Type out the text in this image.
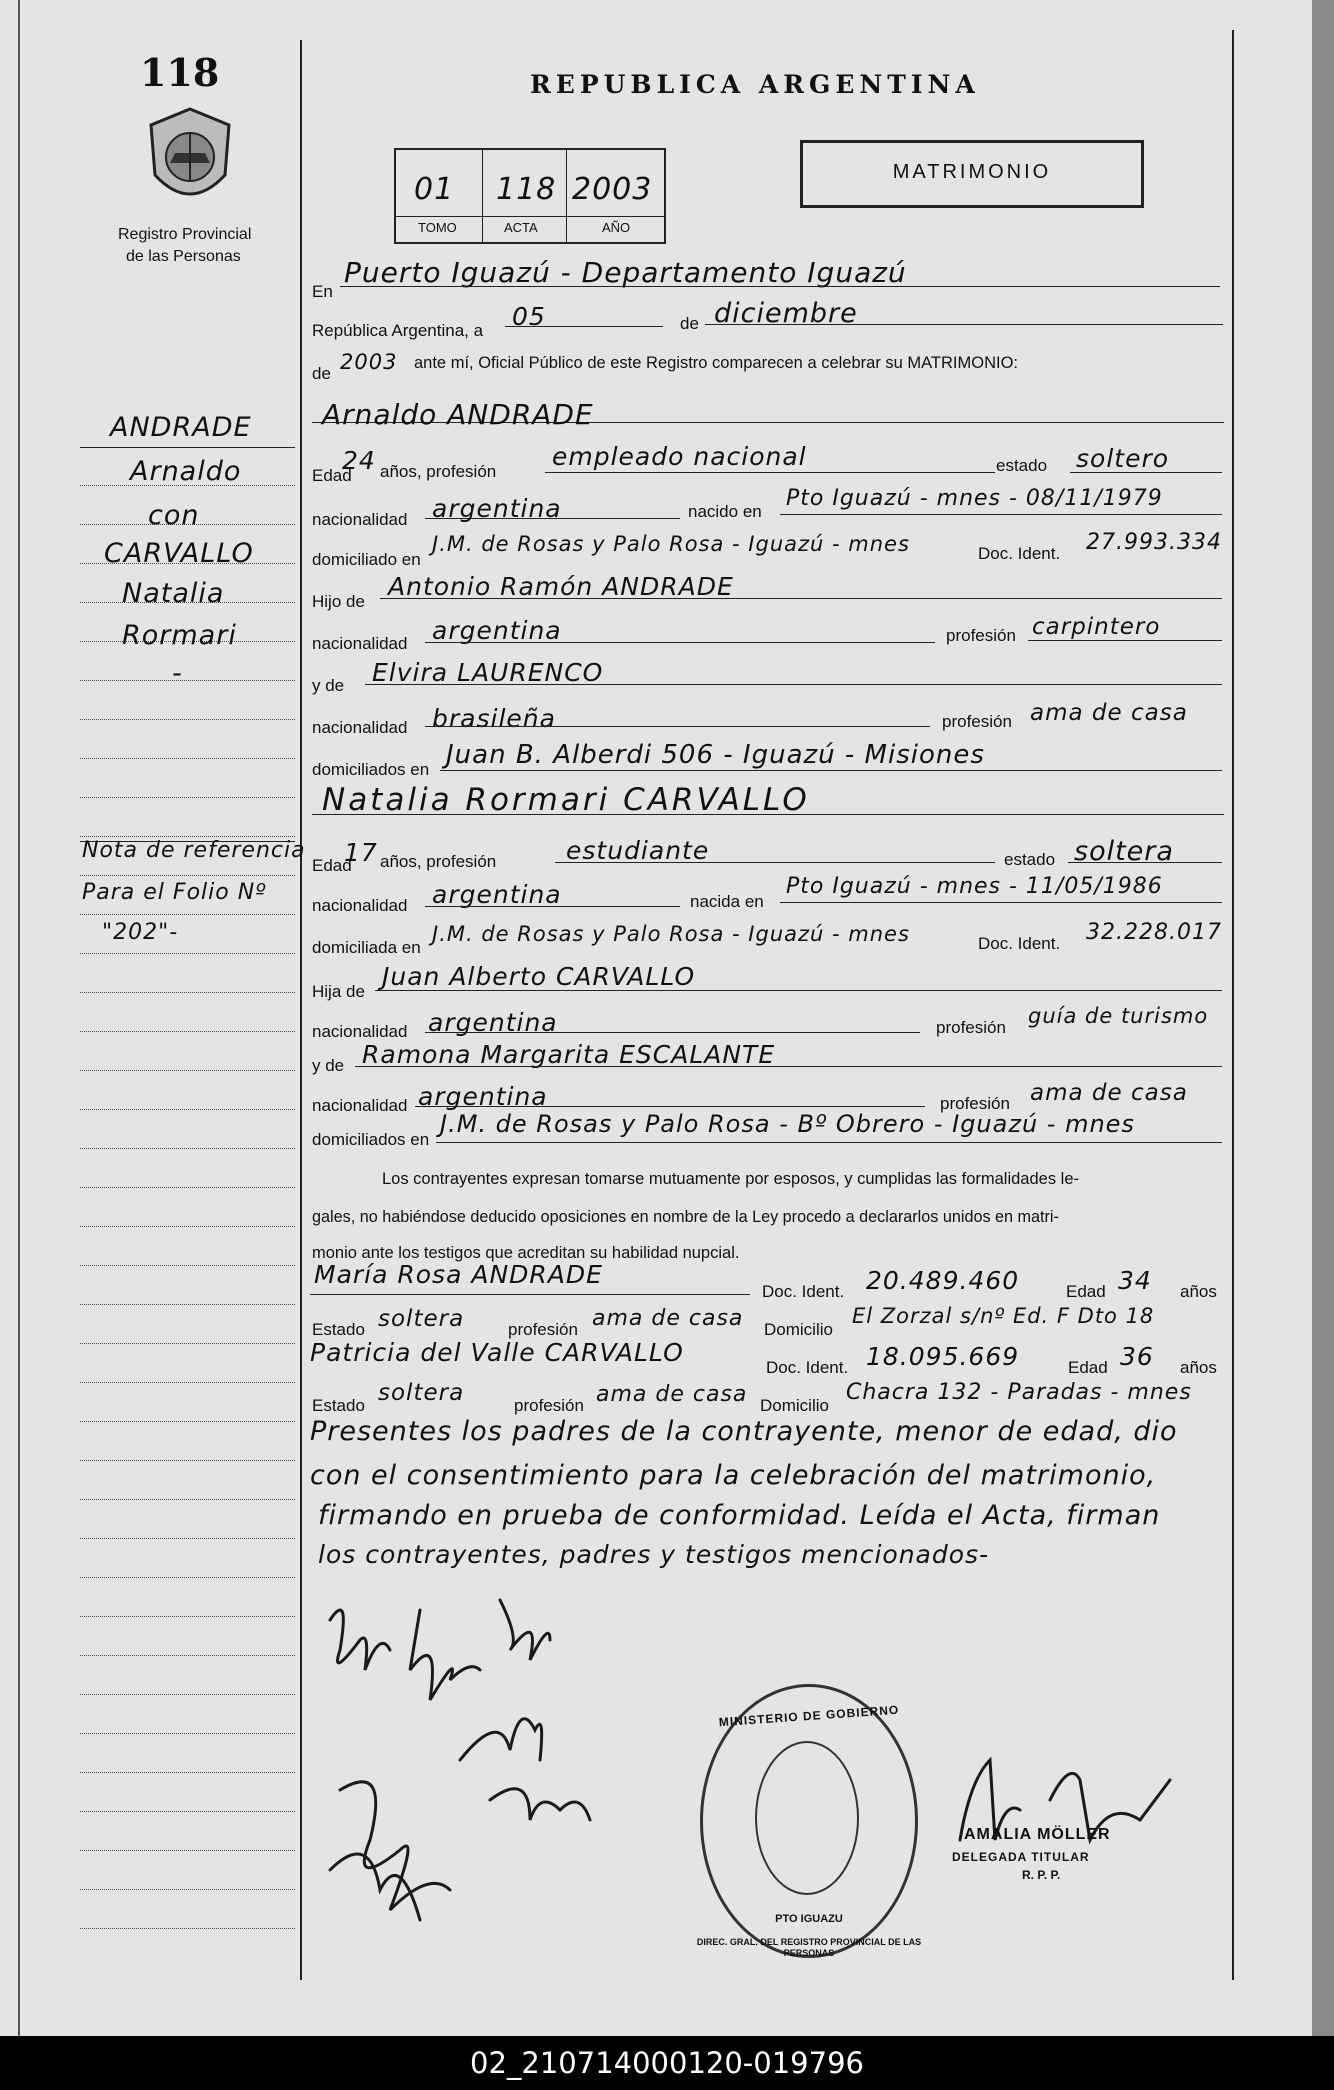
118
Registro Provincial
de las Personas
REPUBLICA ARGENTINA
01 118 2003
TOMO	ACTA	AÑO
MATRIMONIO
ANDRADE
Arnaldo
con
CARVALLO
Natalia
Rormari
-
Nota de referencia
Para el Folio Nº
"202"-
En
Puerto Iguazú - Departamento Iguazú
República Argentina, a 05	de diciembre
de 2003 ante mí, Oficial Público de este Registro comparecen a celebrar su MATRIMONIO:
Arnaldo ANDRADE
Edad
24 años, profesión
empleado nacional	estado soltero
nacionalidad argentina	nacido en
Pto Iguazú - mnes - 08/11/1979
domiciliado en
J.M. de Rosas y Palo Rosa - Iguazú - mnes	Doc. Ident. 27.993.334
Hijo de
Antonio Ramón ANDRADE
nacionalidad argentina	profesión carpintero
y de Elvira LAURENCO
nacionalidad brasileña	profesión ama de casa
domiciliados en Juan B. Alberdi 506 - Iguazú - Misiones
Natalia Rormari CARVALLO
Edad
17 años, profesión	estudiante	estado soltera
nacionalidad argentina	nacida en
Pto Iguazú - mnes - 11/05/1986
domiciliada en
J.M. de Rosas y Palo Rosa - Iguazú - mnes	Doc. Ident. 32.228.017
Hija de
Juan Alberto CARVALLO
nacionalidad argentina	profesión guía de turismo
y de Ramona Margarita ESCALANTE
nacionalidad argentina	profesión ama de casa
domiciliados en
J.M. de Rosas y Palo Rosa - Bº Obrero - Iguazú - mnes
Los contrayentes expresan tomarse mutuamente por esposos, y cumplidas las formalidades le-
gales, no habiéndose deducido oposiciones en nombre de la Ley procedo a declararlos unidos en matri-
monio ante los testigos que acreditan su habilidad nupcial.
María Rosa ANDRADE
Doc. Ident. 20.489.460	Edad 34 años
Estado soltera	profesión ama de casa Domicilio
El Zorzal s/nº Ed. F Dto 18
Patricia del Valle CARVALLO
Doc. Ident. 18.095.669	Edad 36 años
Estado soltera	profesión ama de casa Domicilio
Chacra 132 - Paradas - mnes
Presentes los padres de la contrayente, menor de edad, dio
con el consentimiento para la celebración del matrimonio,
firmando en prueba de conformidad. Leída el Acta, firman
los contrayentes, padres y testigos mencionados-
MINISTERIO DE GOBIERNO
PTO IGUAZU
DIREC. GRAL. DEL REGISTRO PROVINCIAL DE LAS PERSONAS
AMALIA MÖLLER
DELEGADA TITULAR
R. P. P.
02_210714000120-019796
